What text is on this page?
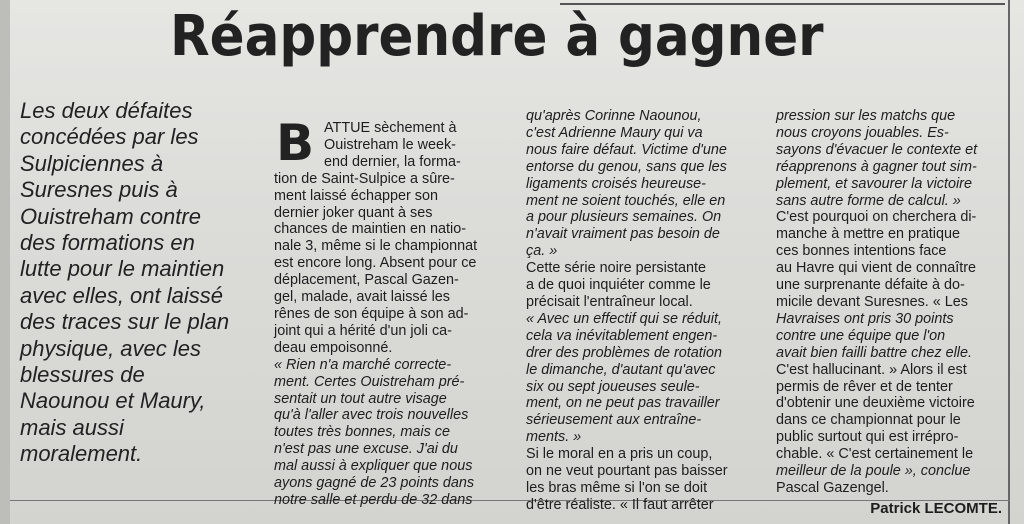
Réapprendre à gagner
Les deux défaites
concédées par les
Sulpiciennes à
Suresnes puis à
Ouistreham contre
des formations en
lutte pour le maintien
avec elles, ont laissé
des traces sur le plan
physique, avec les
blessures de
Naounou et Maury,
mais aussi
moralement.
B ATTUE sèchement à
Ouistreham le week-
end dernier, la forma-
tion de Saint-Sulpice a sûre-
ment laissé échapper son
dernier joker quant à ses
chances de maintien en natio-
nale 3, même si le championnat
est encore long. Absent pour ce
déplacement, Pascal Gazen-
gel, malade, avait laissé les
rênes de son équipe à son ad-
joint qui a hérité d'un joli ca-
deau empoisonné.
« Rien n'a marché correcte-
ment. Certes Ouistreham pré-
sentait un tout autre visage
qu'à l'aller avec trois nouvelles
toutes très bonnes, mais ce
n'est pas une excuse. J'ai du
mal aussi à expliquer que nous
ayons gagné de 23 points dans
notre salle et perdu de 32 dans
qu'après Corinne Naounou,
c'est Adrienne Maury qui va
nous faire défaut. Victime d'une
entorse du genou, sans que les
ligaments croisés heureuse-
ment ne soient touchés, elle en
a pour plusieurs semaines. On
n'avait vraiment pas besoin de
ça. »
Cette série noire persistante
a de quoi inquiéter comme le
précisait l'entraîneur local.
« Avec un effectif qui se réduit,
cela va inévitablement engen-
drer des problèmes de rotation
le dimanche, d'autant qu'avec
six ou sept joueuses seule-
ment, on ne peut pas travailler
sérieusement aux entraîne-
ments. »
Si le moral en a pris un coup,
on ne veut pourtant pas baisser
les bras même si l'on se doit
d'être réaliste. « Il faut arrêter
pression sur les matchs que
nous croyons jouables. Es-
sayons d'évacuer le contexte et
réapprenons à gagner tout sim-
plement, et savourer la victoire
sans autre forme de calcul. »
C'est pourquoi on cherchera di-
manche à mettre en pratique
ces bonnes intentions face
au Havre qui vient de connaître
une surprenante défaite à do-
micile devant Suresnes. « Les
Havraises ont pris 30 points
contre une équipe que l'on
avait bien failli battre chez elle.
C'est hallucinant. » Alors il est
permis de rêver et de tenter
d'obtenir une deuxième victoire
dans ce championnat pour le
public surtout qui est irrépro-
chable. « C'est certainement le
meilleur de la poule », conclue
Pascal Gazengel.
Patrick LECOMTE.
